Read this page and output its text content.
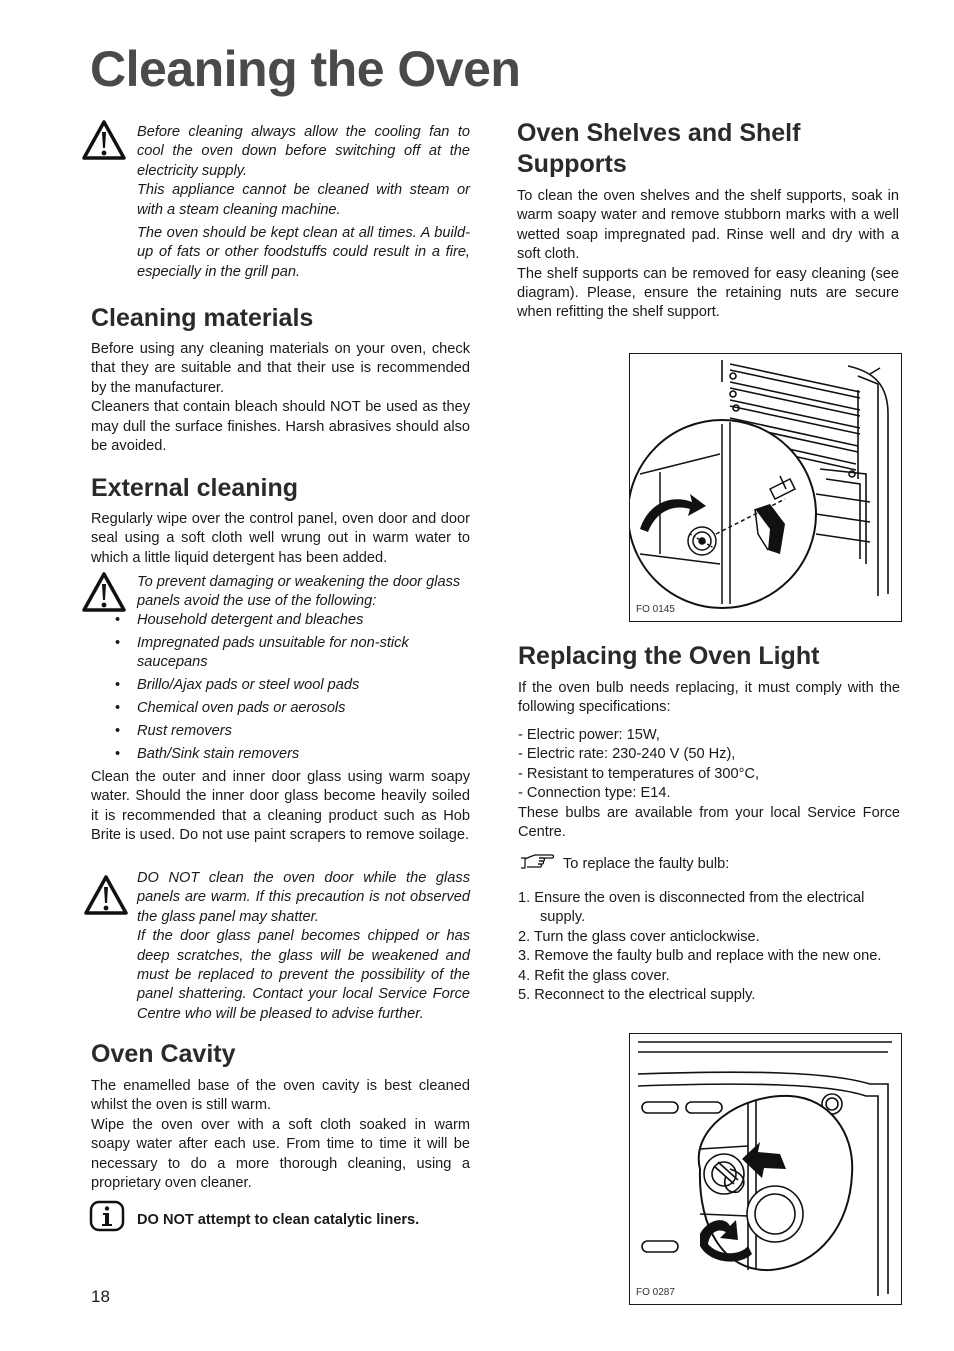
Cleaning the Oven

Before cleaning always allow the cooling fan to cool the oven down before switching off at the electricity supply.

This appliance cannot be cleaned with steam or with a steam cleaning machine.

The oven should be kept clean at all times. A build-up of fats or other foodstuffs could result in a fire, especially in the grill pan.

Cleaning materials

Before using any cleaning materials on your oven, check that they are suitable and that their use is recommended by the manufacturer.

Cleaners that contain bleach should NOT be used as they may dull the surface finishes. Harsh abrasives should also be avoided.

External cleaning

Regularly wipe over the control panel, oven door and door seal using a soft cloth well wrung out in warm water to which a little liquid detergent has been added.

To prevent damaging or weakening the door glass panels avoid the use of the following:

• Household detergent and bleaches
• Impregnated pads unsuitable for non-stick saucepans
• Brillo/Ajax pads or steel wool pads
• Chemical oven pads or aerosols
• Rust removers
• Bath/Sink stain removers

Clean the outer and inner door glass using warm soapy water. Should the inner door glass become heavily soiled it is recommended that a cleaning product such as Hob Brite is used. Do not use paint scrapers to remove soilage.

DO NOT clean the oven door while the glass panels are warm. If this precaution is not observed the glass panel may shatter.

If the door glass panel becomes chipped or has deep scratches, the glass will be weakened and must be replaced to prevent the possibility of the panel shattering. Contact your local Service Force Centre who will be pleased to advise further.

Oven Cavity

The enamelled base of the oven cavity is best cleaned whilst the oven is still warm.

Wipe the oven over with a soft cloth soaked in warm soapy water after each use. From time to time it will be necessary to do a more thorough cleaning, using a proprietary oven cleaner.

DO NOT attempt to clean catalytic liners.
18
Oven Shelves and Shelf Supports

To clean the oven shelves and the shelf supports, soak in warm soapy water and remove stubborn marks with a well wetted soap impregnated pad. Rinse well and dry with a soft cloth.

The shelf supports can be removed for easy cleaning (see diagram). Please, ensure the retaining nuts are secure when refitting the shelf support.

FO 0145
Replacing the Oven Light

If the oven bulb needs replacing, it must comply with the following specifications:

- Electric power: 15W,
- Electric rate: 230-240 V (50 Hz),
- Resistant to temperatures of 300°C,
- Connection type: E14.

These bulbs are available from your local Service Force Centre.

To replace the faulty bulb:
1. Ensure the oven is disconnected from the electrical supply.
2. Turn the glass cover anticlockwise.
3. Remove the faulty bulb and replace with the new one.
4. Refit the glass cover.
5. Reconnect to the electrical supply.
FO 0287
